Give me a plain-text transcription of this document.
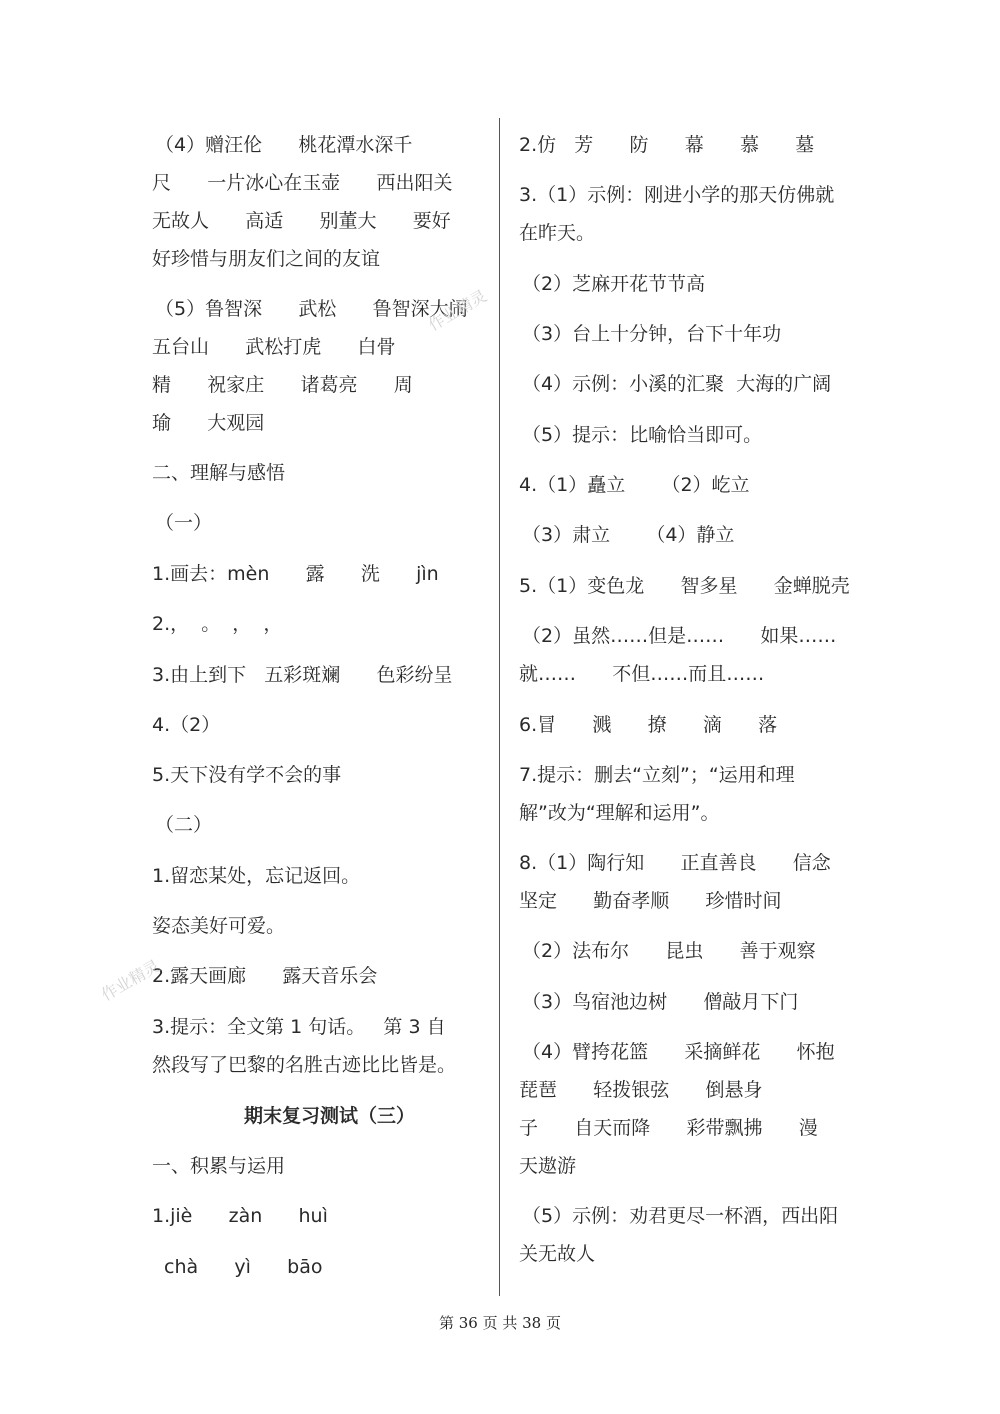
（4）赠汪伦      桃花潭水深千
尺      一片冰心在玉壶      西出阳关
无故人      高适      别董大      要好
好珍惜与朋友们之间的友谊
（5）鲁智深      武松      鲁智深大闹
五台山      武松打虎      白骨
精      祝家庄      诸葛亮      周
瑜      大观园
二、理解与感悟
（一）
1.画去：mèn      露      洗      jìn
2.，  。  ，  ，
3.由上到下   五彩斑斓      色彩纷呈
4.（2）
5.天下没有学不会的事
（二）
1.留恋某处，忘记返回。
姿态美好可爱。
2.露天画廊      露天音乐会
3.提示：全文第 1 句话。   第 3 自
然段写了巴黎的名胜古迹比比皆是。
期末复习测试（三）
一、积累与运用
1.jiè      zàn      huì
chà      yì      bāo
2.仿   芳      防      幕      慕      墓
3.（1）示例：刚进小学的那天仿佛就
在昨天。
（2）芝麻开花节节高
（3）台上十分钟，台下十年功
（4）示例：小溪的汇聚  大海的广阔
（5）提示：比喻恰当即可。
4.（1）矗立      （2）屹立
（3）肃立      （4）静立
5.（1）变色龙      智多星      金蝉脱壳
（2）虽然……但是……      如果……
就……      不但……而且……
6.冒      溅      撩      滴      落
7.提示：删去“立刻”；“运用和理
解”改为“理解和运用”。
8.（1）陶行知      正直善良      信念
坚定      勤奋孝顺      珍惜时间
（2）法布尔      昆虫      善于观察
（3）鸟宿池边树      僧敲月下门
（4）臂挎花篮      采摘鲜花      怀抱
琵琶      轻拨银弦      倒悬身
子      自天而降      彩带飘拂      漫
天遨游
（5）示例：劝君更尽一杯酒，西出阳
关无故人
作业精灵
作业精灵
第 36 页 共 38 页
